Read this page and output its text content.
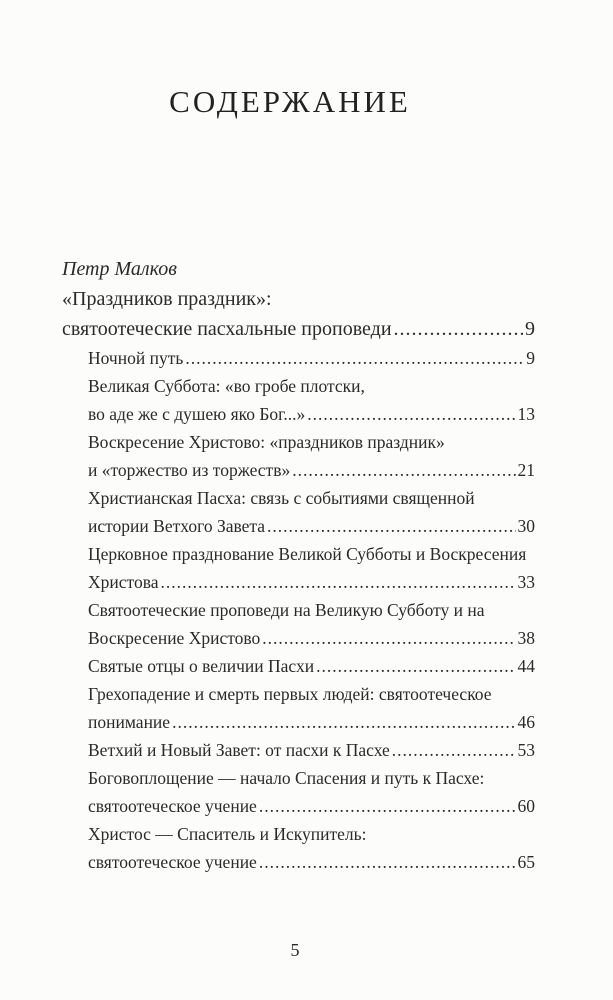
СОДЕРЖАНИЕ
Петр Малков
«Праздников праздник»:
святоотеческие пасхальные проповеди .....	9
Ночной путь .....	9
Великая Суббота: «во гробе плотски,
во аде же с душею яко Бог...» .....	13
Воскресение Христово: «праздников праздник»
и «торжество из торжеств» .....	21
Христианская Пасха: связь с событиями священной
истории Ветхого Завета .....	30
Церковное празднование Великой Субботы и Воскресения
Христова .....	33
Святоотеческие проповеди на Великую Субботу и на
Воскресение Христово .....	38
Святые отцы о величии Пасхи .....	44
Грехопадение и смерть первых людей: святоотеческое
понимание .....	46
Ветхий и Новый Завет: от пасхи к Пасхе .....	53
Боговоплощение — начало Спасения и путь к Пасхе:
святоотеческое учение .....	60
Христос — Спаситель и Искупитель:
святоотеческое учение .....	65
5
